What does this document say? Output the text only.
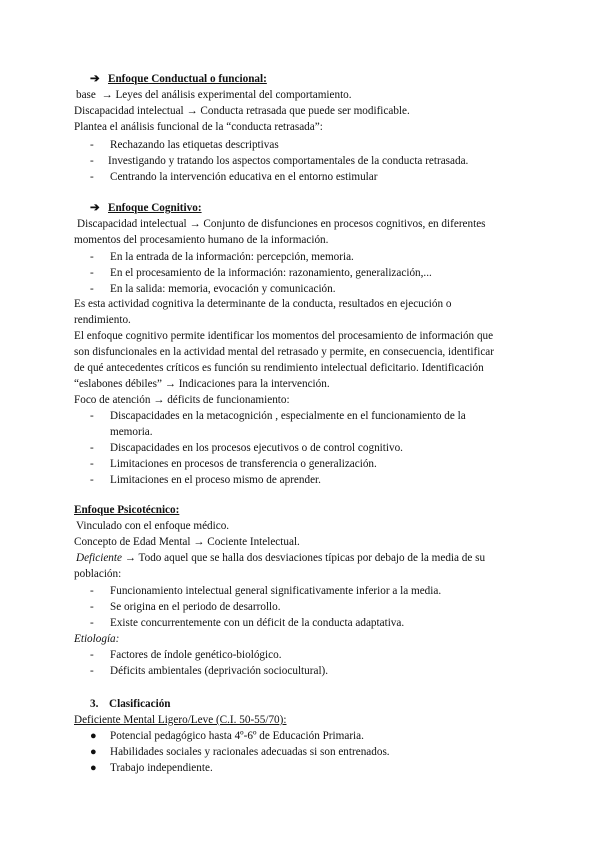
➔ Enfoque Conductual o funcional:
base → Leyes del análisis experimental del comportamiento.
Discapacidad intelectual → Conducta retrasada que puede ser modificable.
Plantea el análisis funcional de la “conducta retrasada”:
- Rechazando las etiquetas descriptivas
- Investigando y tratando los aspectos comportamentales de la conducta retrasada.
- Centrando la intervención educativa en el entorno estimular
➔ Enfoque Cognitivo:
Discapacidad intelectual → Conjunto de disfunciones en procesos cognitivos, en diferentes
momentos del procesamiento humano de la información.
- En la entrada de la información: percepción, memoria.
- En el procesamiento de la información: razonamiento, generalización,...
- En la salida: memoria, evocación y comunicación.
Es esta actividad cognitiva la determinante de la conducta, resultados en ejecución o
rendimiento.
El enfoque cognitivo permite identificar los momentos del procesamiento de información que
son disfuncionales en la actividad mental del retrasado y permite, en consecuencia, identificar
de qué antecedentes críticos es función su rendimiento intelectual deficitario. Identificación
“eslabones débiles” → Indicaciones para la intervención.
Foco de atención → déficits de funcionamiento:
- Discapacidades en la metacognición , especialmente en el funcionamiento de la
memoria.
- Discapacidades en los procesos ejecutivos o de control cognitivo.
- Limitaciones en procesos de transferencia o generalización.
- Limitaciones en el proceso mismo de aprender.
Enfoque Psicotécnico:
Vinculado con el enfoque médico.
Concepto de Edad Mental → Cociente Intelectual.
Deficiente → Todo aquel que se halla dos desviaciones típicas por debajo de la media de su
población:
- Funcionamiento intelectual general significativamente inferior a la media.
- Se origina en el periodo de desarrollo.
- Existe concurrentemente con un déficit de la conducta adaptativa.
Etiología:
- Factores de índole genético-biológico.
- Déficits ambientales (deprivación sociocultural).
3. Clasificación
Deficiente Mental Ligero/Leve (C.I. 50-55/70):
● Potencial pedagógico hasta 4º-6º de Educación Primaria.
● Habilidades sociales y racionales adecuadas si son entrenados.
● Trabajo independiente.
